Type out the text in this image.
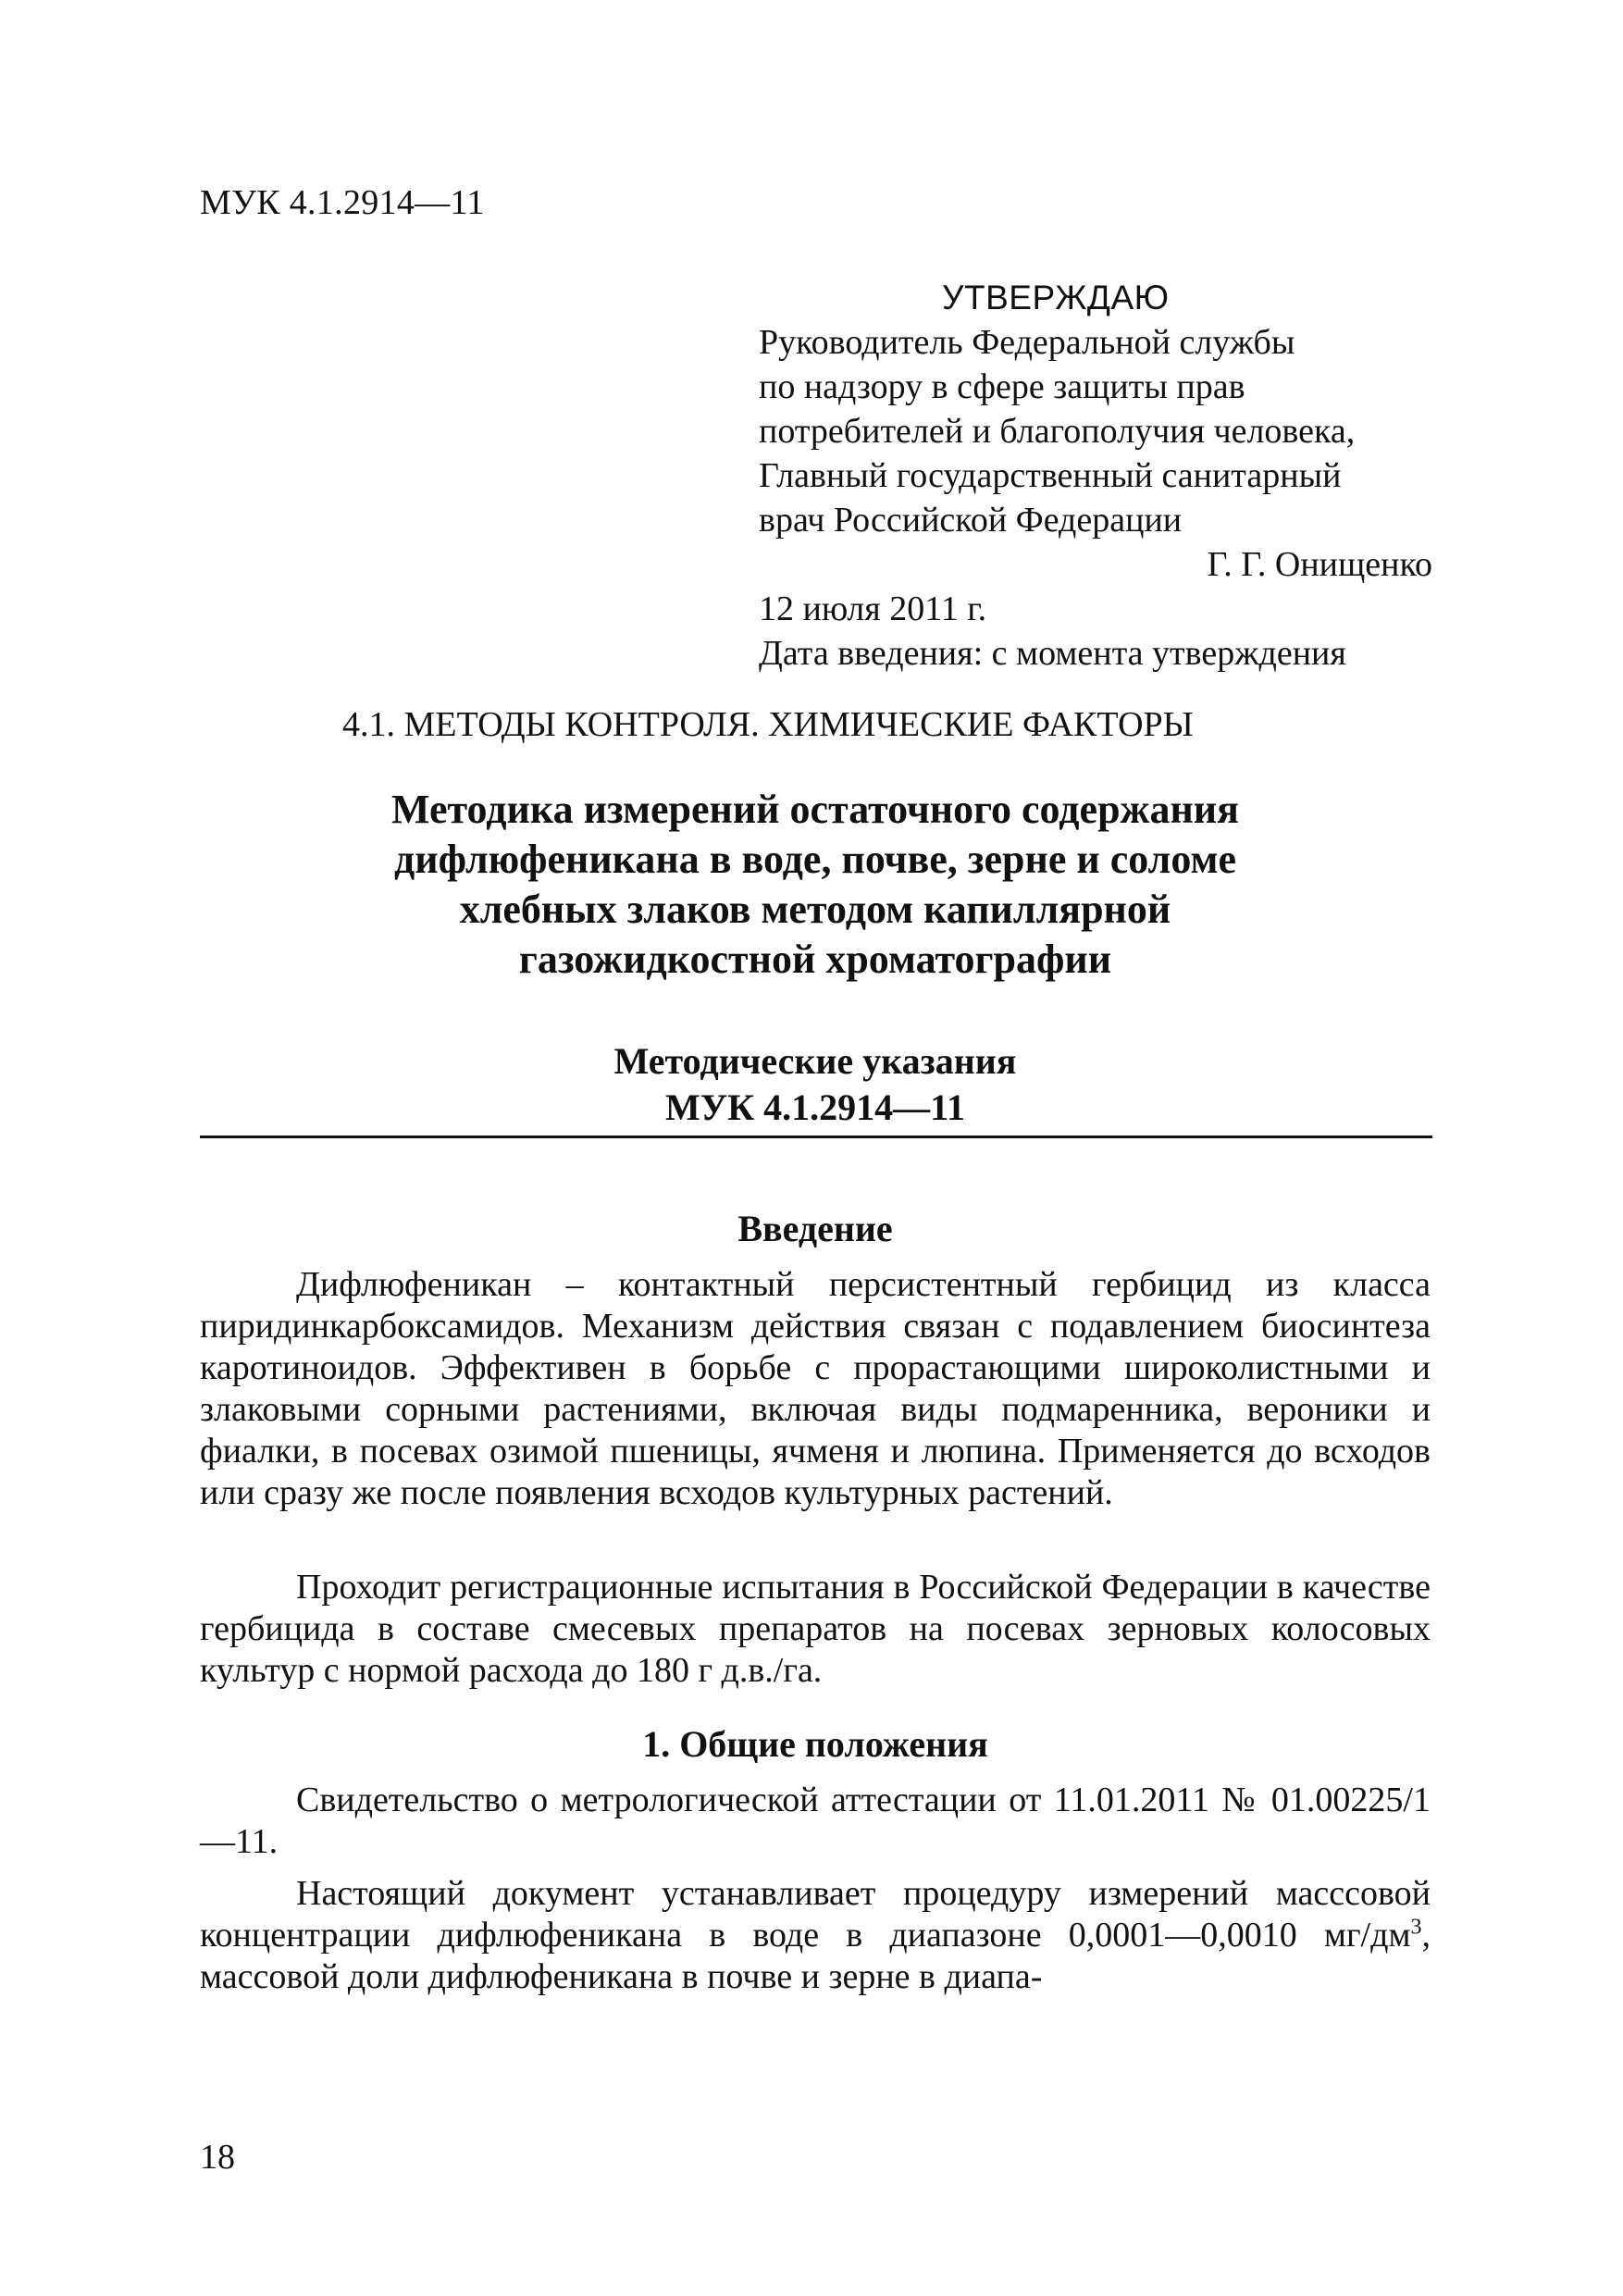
МУК 4.1.2914—11
УТВЕРЖДАЮ
Руководитель Федеральной службы
по надзору в сфере защиты прав
потребителей и благополучия человека,
Главный государственный санитарный
врач Российской Федерации
Г. Г. Онищенко
12 июля 2011 г.
Дата введения: с момента утверждения
4.1. МЕТОДЫ КОНТРОЛЯ. ХИМИЧЕСКИЕ ФАКТОРЫ
Методика измерений остаточного содержания
дифлюфеникана в воде, почве, зерне и соломе
хлебных злаков методом капиллярной
газожидкостной хроматографии
Методические указания
МУК 4.1.2914—11
Введение
Дифлюфеникан – контактный персистентный гербицид из класса пиридинкарбоксамидов. Механизм действия связан с подавлением биосинтеза каротиноидов. Эффективен в борьбе с прорастающими широколистными и злаковыми сорными растениями, включая виды подмаренника, вероники и фиалки, в посевах озимой пшеницы, ячменя и люпина. Применяется до всходов или сразу же после появления всходов культурных растений.
Проходит регистрационные испытания в Российской Федерации в качестве гербицида в составе смесевых препаратов на посевах зерновых колосовых культур с нормой расхода до 180 г д.в./га.
1. Общие положения
Свидетельство о метрологической аттестации от 11.01.2011 № 01.00225/1—11.
Настоящий документ устанавливает процедуру измерений масссовой концентрации дифлюфеникана в воде в диапазоне 0,0001—0,0010 $мг/дм^3$, массовой доли дифлюфеникана в почве и зерне в диапа-
18
